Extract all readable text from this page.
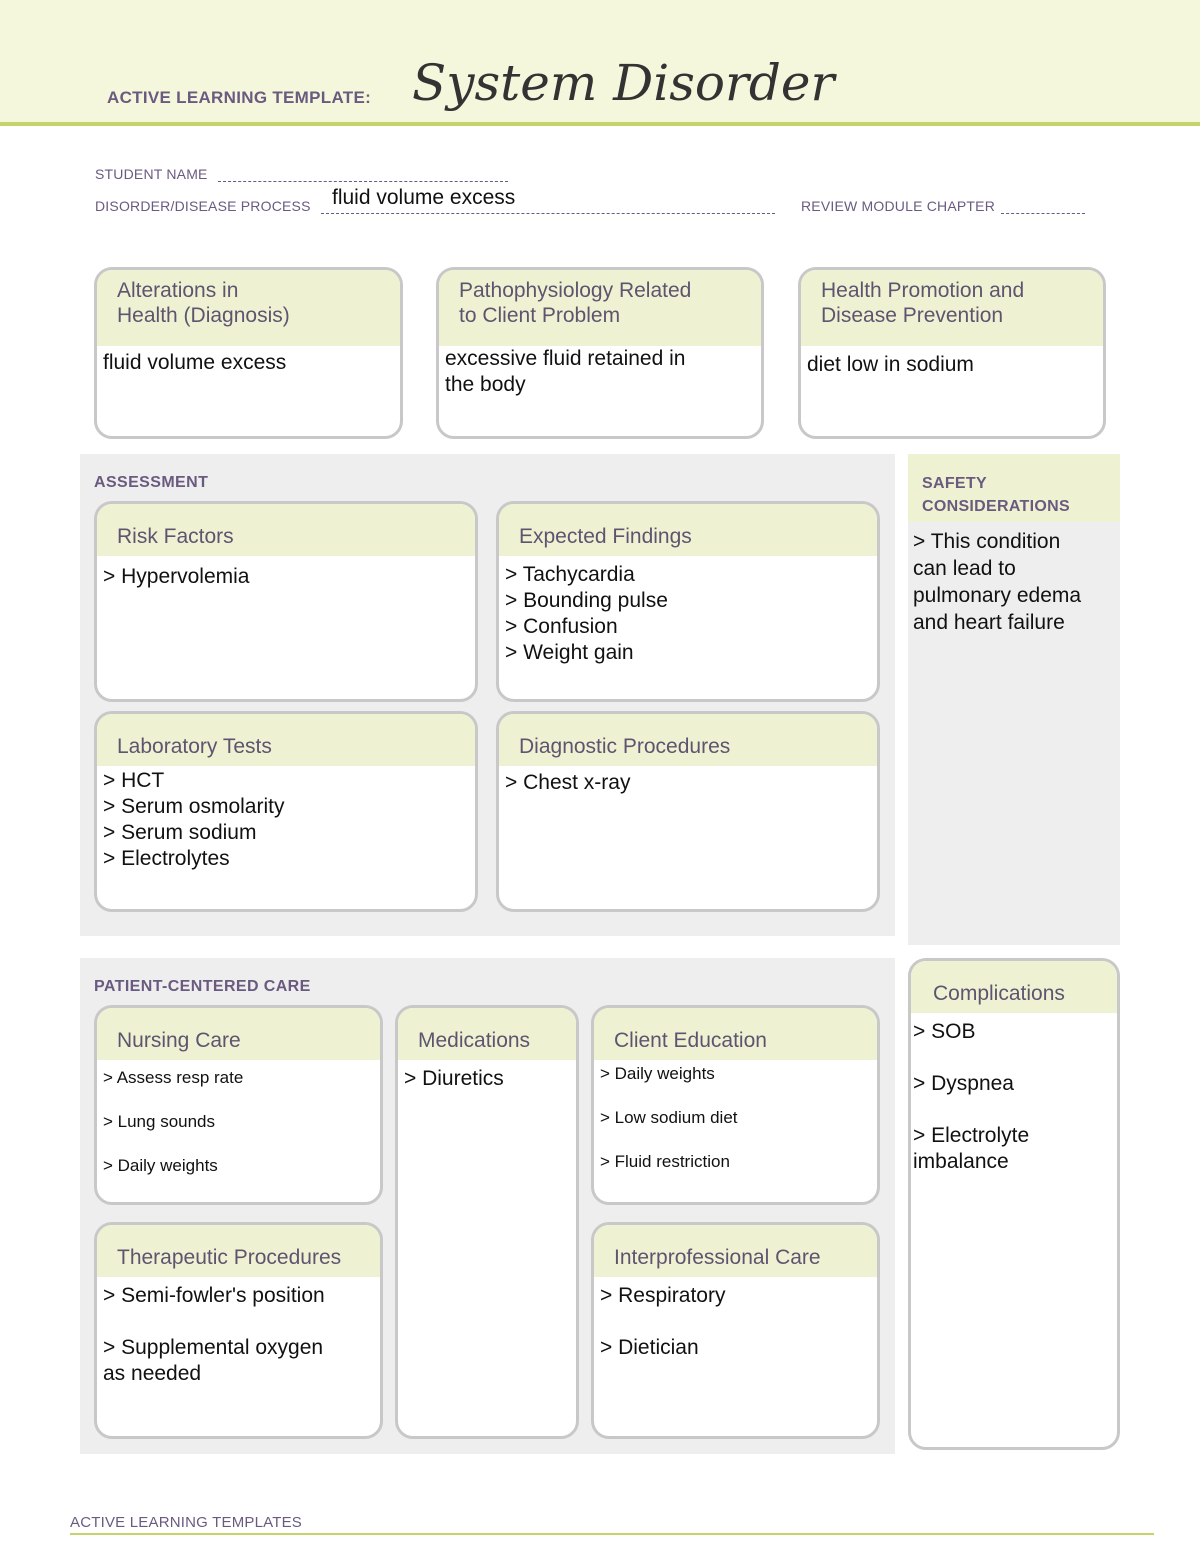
ACTIVE LEARNING TEMPLATE: System Disorder
STUDENT NAME
DISORDER/DISEASE PROCESS	fluid volume excess	REVIEW MODULE CHAPTER
Alterations in
Health (Diagnosis)
fluid volume excess
Pathophysiology Related
to Client Problem
excessive fluid retained in
the body
Health Promotion and
Disease Prevention
diet low in sodium
ASSESSMENT
Risk Factors
> Hypervolemia
Expected Findings
> Tachycardia
> Bounding pulse
> Confusion
> Weight gain
Laboratory Tests
> HCT
> Serum osmolarity
> Serum sodium
> Electrolytes
Diagnostic Procedures
> Chest x-ray
SAFETY
CONSIDERATIONS
> This condition
can lead to
pulmonary edema
and heart failure
PATIENT-CENTERED CARE
Nursing Care
> Assess resp rate
> Lung sounds
> Daily weights
Medications
> Diuretics
Client Education
> Daily weights
> Low sodium diet
> Fluid restriction
Therapeutic Procedures
> Semi-fowler's position

> Supplemental oxygen
as needed
Interprofessional Care
> Respiratory

> Dietician
Complications
> SOB

> Dyspnea

> Electrolyte
imbalance
ACTIVE LEARNING TEMPLATES
